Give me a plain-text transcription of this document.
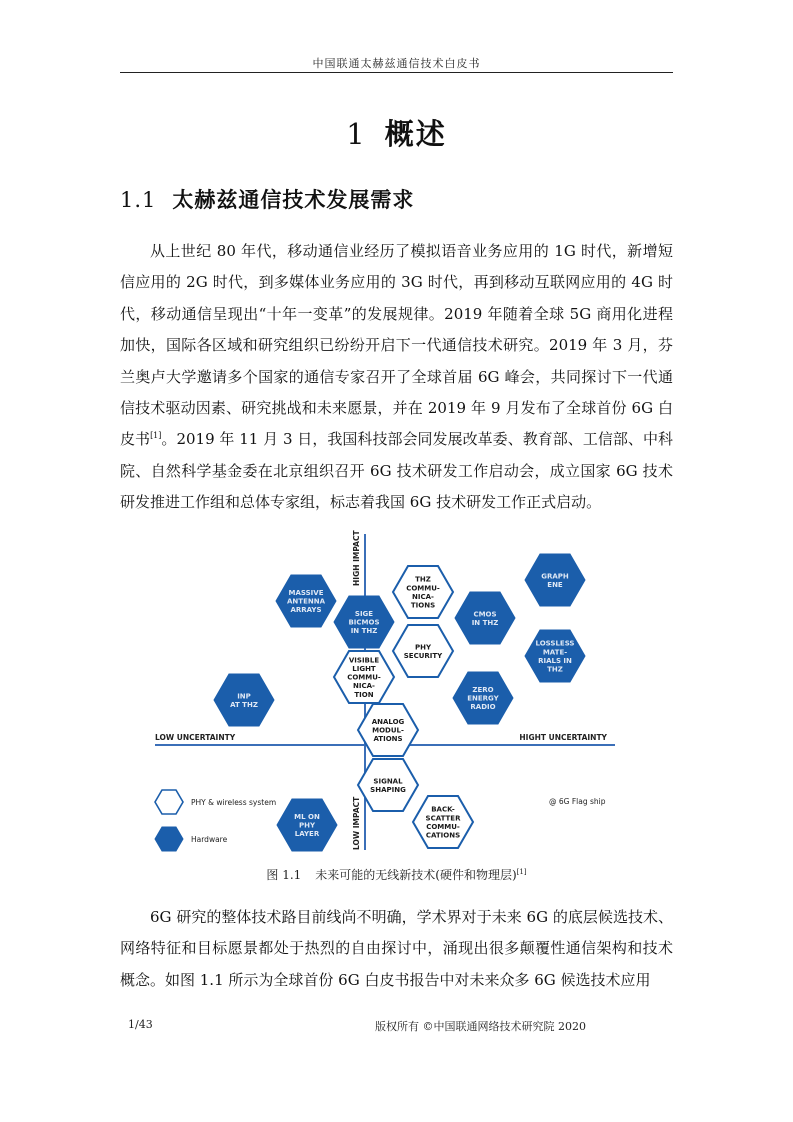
中国联通太赫兹通信技术白皮书
1 概述
1.1 太赫兹通信技术发展需求

从上世纪 80 年代，移动通信业经历了模拟语音业务应用的 1G 时代，新增短信应用的 2G 时代，到多媒体业务应用的 3G 时代，再到移动互联网应用的 4G 时代，移动通信呈现出“十年一变革”的发展规律。2019 年随着全球 5G 商用化进程加快，国际各区域和研究组织已纷纷开启下一代通信技术研究。2019 年 3 月，芬兰奥卢大学邀请多个国家的通信专家召开了全球首届 6G 峰会，共同探讨下一代通信技术驱动因素、研究挑战和未来愿景，并在 2019 年 9 月发布了全球首份 6G 白皮书[1]。2019 年 11 月 3 日，我国科技部会同发展改革委、教育部、工信部、中科院、自然科学基金委在北京组织召开 6G 技术研发工作启动会，成立国家 6G 技术研发推进工作组和总体专家组，标志着我国 6G 技术研发工作正式启动。

LOW UNCERTAINTY	HIGHT UNCERTAINTY
HIGH IMPACT
LOW IMPACT
MASSIVE ANTENNA ARRAYS	SIGE BICMOS IN THZ
THZ COMMU-NICA-TIONS
CMOS IN THZ
GRAPH ENE
PHY SECURITY
VISIBLE LIGHT COMMU-NICA-TION
LOSSLESS MATE-RIALS IN THZ
INP AT THZ
ZERO ENERGY RADIO
ANALOG MODUL-ATIONS
SIGNAL SHAPING
ML ON PHY LAYER
BACK-SCATTER COMMU-CATIONS
PHY & wireless system
Hardware
@ 6G Flag ship
图 1.1 未来可能的无线新技术(硬件和物理层)[1]

6G 研究的整体技术路目前线尚不明确，学术界对于未来 6G 的底层候选技术、网络特征和目标愿景都处于热烈的自由探讨中，涌现出很多颠覆性通信架构和技术概念。如图 1.1 所示为全球首份 6G 白皮书报告中对未来众多 6G 候选技术应用

1/43	版权所有 ©中国联通网络技术研究院 2020
